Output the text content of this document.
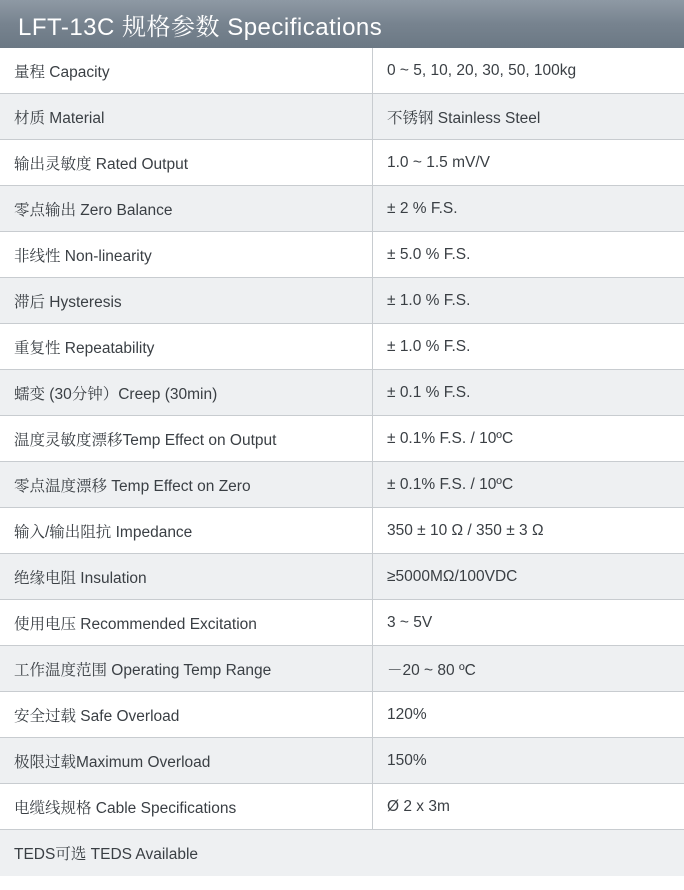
LFT-13C 规格参数 Specifications
量程 Capacity	0 ~ 5, 10, 20, 30, 50, 100kg
材质 Material	不锈钢 Stainless Steel
输出灵敏度 Rated Output	1.0 ~ 1.5 mV/V
零点输出 Zero Balance	± 2 % F.S.
非线性 Non-linearity	± 5.0 % F.S.
滞后 Hysteresis	± 1.0 % F.S.
重复性 Repeatability	± 1.0 % F.S.
蠕变 (30分钟）Creep (30min)	± 0.1 % F.S.
温度灵敏度漂移Temp Effect on Output	± 0.1% F.S. / 10ºC
零点温度漂移 Temp Effect on Zero	± 0.1% F.S. / 10ºC
输入/输出阻抗 Impedance	350 ± 10 Ω / 350 ± 3 Ω
绝缘电阻 Insulation	≥5000MΩ/100VDC
使用电压 Recommended Excitation	3 ~ 5V
工作温度范围 Operating Temp Range	－20 ~ 80 ºC
安全过载 Safe Overload	120%
极限过载Maximum Overload	150%
电缆线规格 Cable Specifications	Ø 2 x 3m
TEDS可选 TEDS Available
